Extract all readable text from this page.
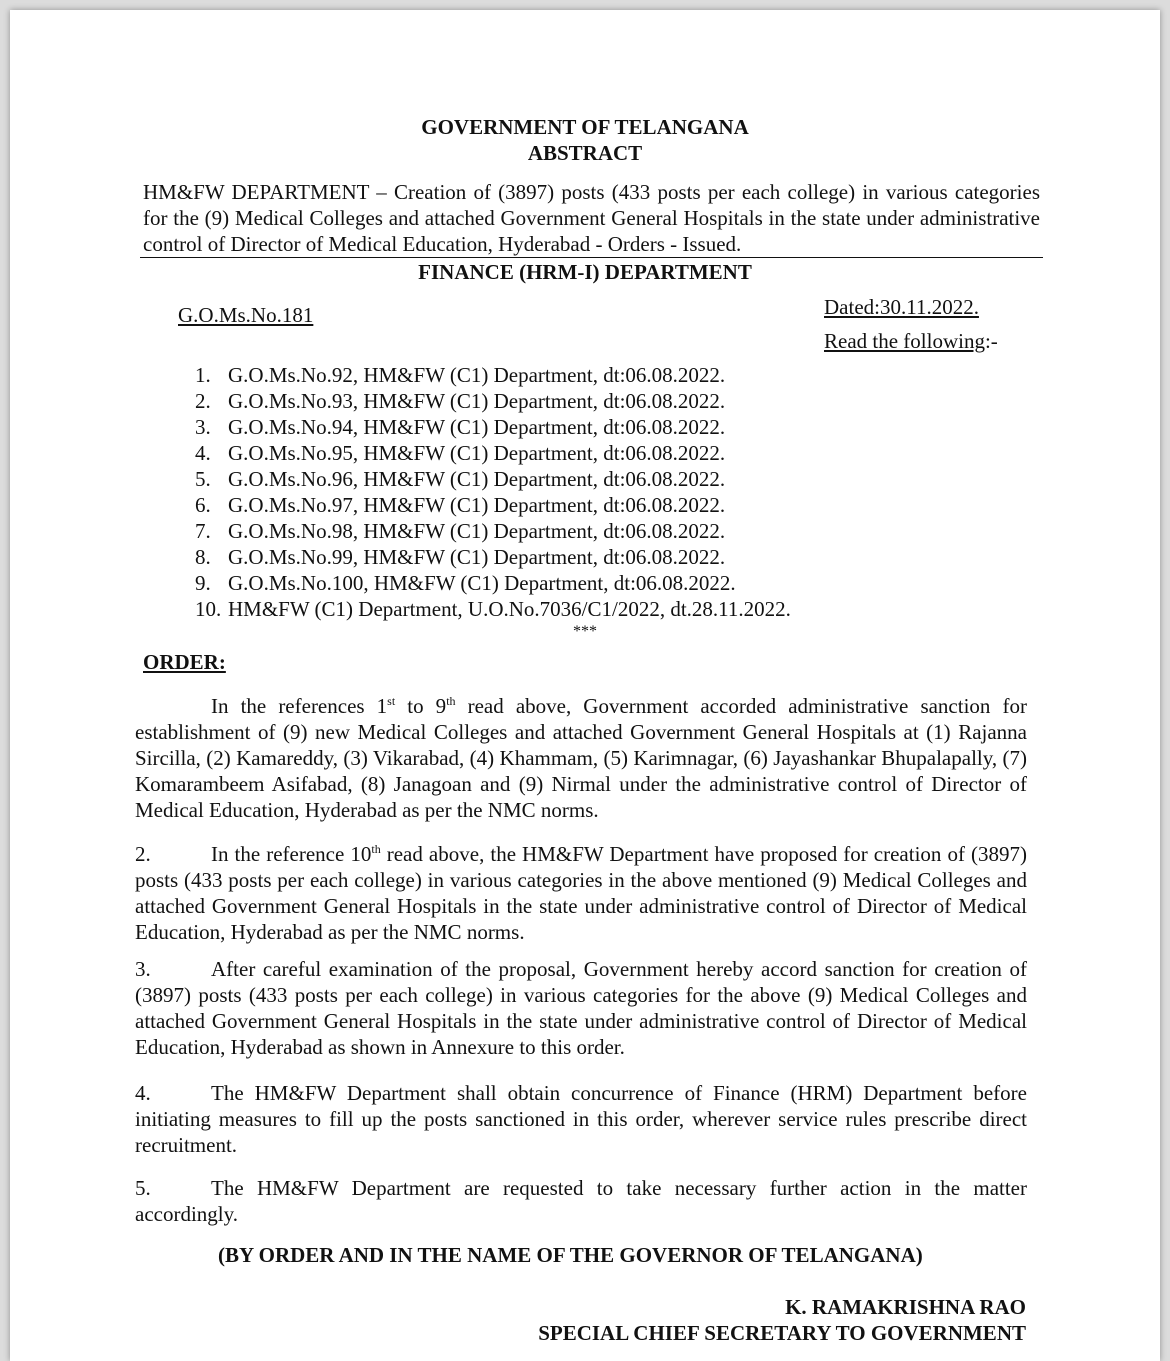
GOVERNMENT OF TELANGANA
ABSTRACT
HM&FW DEPARTMENT – Creation of (3897) posts (433 posts per each college) in various categories for the (9) Medical Colleges and attached Government General Hospitals in the state under administrative control of Director of Medical Education, Hyderabad - Orders - Issued.
FINANCE (HRM-I) DEPARTMENT
G.O.Ms.No.181	Dated:30.11.2022.
Read the following:-
1. G.O.Ms.No.92, HM&FW (C1) Department, dt:06.08.2022.
2. G.O.Ms.No.93, HM&FW (C1) Department, dt:06.08.2022.
3. G.O.Ms.No.94, HM&FW (C1) Department, dt:06.08.2022.
4. G.O.Ms.No.95, HM&FW (C1) Department, dt:06.08.2022.
5. G.O.Ms.No.96, HM&FW (C1) Department, dt:06.08.2022.
6. G.O.Ms.No.97, HM&FW (C1) Department, dt:06.08.2022.
7. G.O.Ms.No.98, HM&FW (C1) Department, dt:06.08.2022.
8. G.O.Ms.No.99, HM&FW (C1) Department, dt:06.08.2022.
9. G.O.Ms.No.100, HM&FW (C1) Department, dt:06.08.2022.
10. HM&FW (C1) Department, U.O.No.7036/C1/2022, dt.28.11.2022.
***
ORDER:
In the references 1st to 9th read above, Government accorded administrative sanction for establishment of (9) new Medical Colleges and attached Government General Hospitals at (1) Rajanna Sircilla, (2) Kamareddy, (3) Vikarabad, (4) Khammam, (5) Karimnagar, (6) Jayashankar Bhupalapally, (7) Komarambeem Asifabad, (8) Janagoan and (9) Nirmal under the administrative control of Director of Medical Education, Hyderabad as per the NMC norms.
2.	In the reference 10th read above, the HM&FW Department have proposed for creation of (3897) posts (433 posts per each college) in various categories in the above mentioned (9) Medical Colleges and attached Government General Hospitals in the state under administrative control of Director of Medical Education, Hyderabad as per the NMC norms.
3.	After careful examination of the proposal, Government hereby accord sanction for creation of (3897) posts (433 posts per each college) in various categories for the above (9) Medical Colleges and attached Government General Hospitals in the state under administrative control of Director of Medical Education, Hyderabad as shown in Annexure to this order.
4.	The HM&FW Department shall obtain concurrence of Finance (HRM) Department before initiating measures to fill up the posts sanctioned in this order, wherever service rules prescribe direct recruitment.
5.	The HM&FW Department are requested to take necessary further action in the matter accordingly.
(BY ORDER AND IN THE NAME OF THE GOVERNOR OF TELANGANA)
K. RAMAKRISHNA RAO
SPECIAL CHIEF SECRETARY TO GOVERNMENT
